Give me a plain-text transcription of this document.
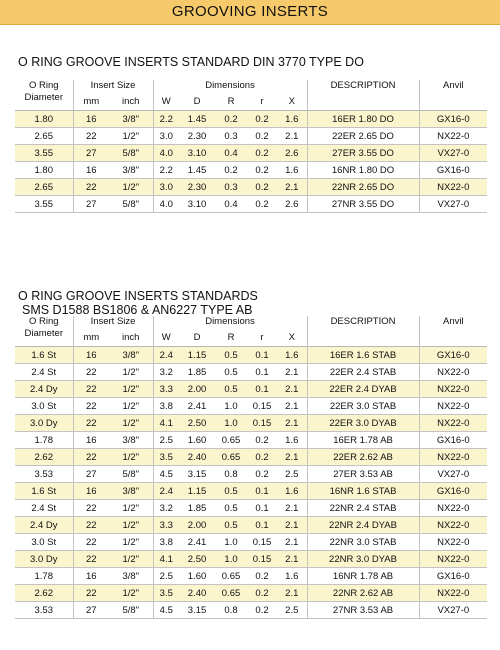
GROOVING INSERTS
O RING GROOVE INSERTS STANDARD DIN 3770 TYPE DO
O Ring	Insert Size		Dimensions					DESCRIPTION	Anvil
Diameter	mm	inch	W	D	R	r	X		
1.80	16	3/8"	2.2	1.45	0.2	0.2	1.6	16ER 1.80 DO	GX16-0
2.65	22	1/2"	3.0	2.30	0.3	0.2	2.1	22ER 2.65 DO	NX22-0
3.55	27	5/8"	4.0	3.10	0.4	0.2	2.6	27ER 3.55 DO	VX27-0
1.80	16	3/8"	2.2	1.45	0.2	0.2	1.6	16NR 1.80 DO	GX16-0
2.65	22	1/2"	3.0	2.30	0.3	0.2	2.1	22NR 2.65 DO	NX22-0
3.55	27	5/8"	4.0	3.10	0.4	0.2	2.6	27NR 3.55 DO	VX27-0
O RING GROOVE INSERTS STANDARDS
SMS D1588 BS1806 & AN6227 TYPE AB
O Ring	Insert Size		Dimensions					DESCRIPTION	Anvil
Diameter	mm	inch	W	D	R	r	X		
1.6 St	16	3/8"	2.4	1.15	0.5	0.1	1.6	16ER 1.6 STAB	GX16-0
2.4 St	22	1/2"	3.2	1.85	0.5	0.1	2.1	22ER 2.4 STAB	NX22-0
2.4 Dy	22	1/2"	3.3	2.00	0.5	0.1	2.1	22ER 2.4 DYAB	NX22-0
3.0 St	22	1/2"	3.8	2.41	1.0	0.15	2.1	22ER 3.0 STAB	NX22-0
3.0 Dy	22	1/2"	4.1	2.50	1.0	0.15	2.1	22ER 3.0 DYAB	NX22-0
1.78	16	3/8"	2.5	1.60	0.65	0.2	1.6	16ER 1.78 AB	GX16-0
2.62	22	1/2"	3.5	2.40	0.65	0.2	2.1	22ER 2.62 AB	NX22-0
3.53	27	5/8"	4.5	3.15	0.8	0.2	2.5	27ER 3.53 AB	VX27-0
1.6 St	16	3/8"	2.4	1.15	0.5	0.1	1.6	16NR 1.6 STAB	GX16-0
2.4 St	22	1/2"	3.2	1.85	0.5	0.1	2.1	22NR 2.4 STAB	NX22-0
2.4 Dy	22	1/2"	3.3	2.00	0.5	0.1	2.1	22NR 2.4 DYAB	NX22-0
3.0 St	22	1/2"	3.8	2.41	1.0	0.15	2.1	22NR 3.0 STAB	NX22-0
3.0 Dy	22	1/2"	4.1	2.50	1.0	0.15	2.1	22NR 3.0 DYAB	NX22-0
1.78	16	3/8"	2.5	1.60	0.65	0.2	1.6	16NR 1.78 AB	GX16-0
2.62	22	1/2"	3.5	2.40	0.65	0.2	2.1	22NR 2.62 AB	NX22-0
3.53	27	5/8"	4.5	3.15	0.8	0.2	2.5	27NR 3.53 AB	VX27-0
